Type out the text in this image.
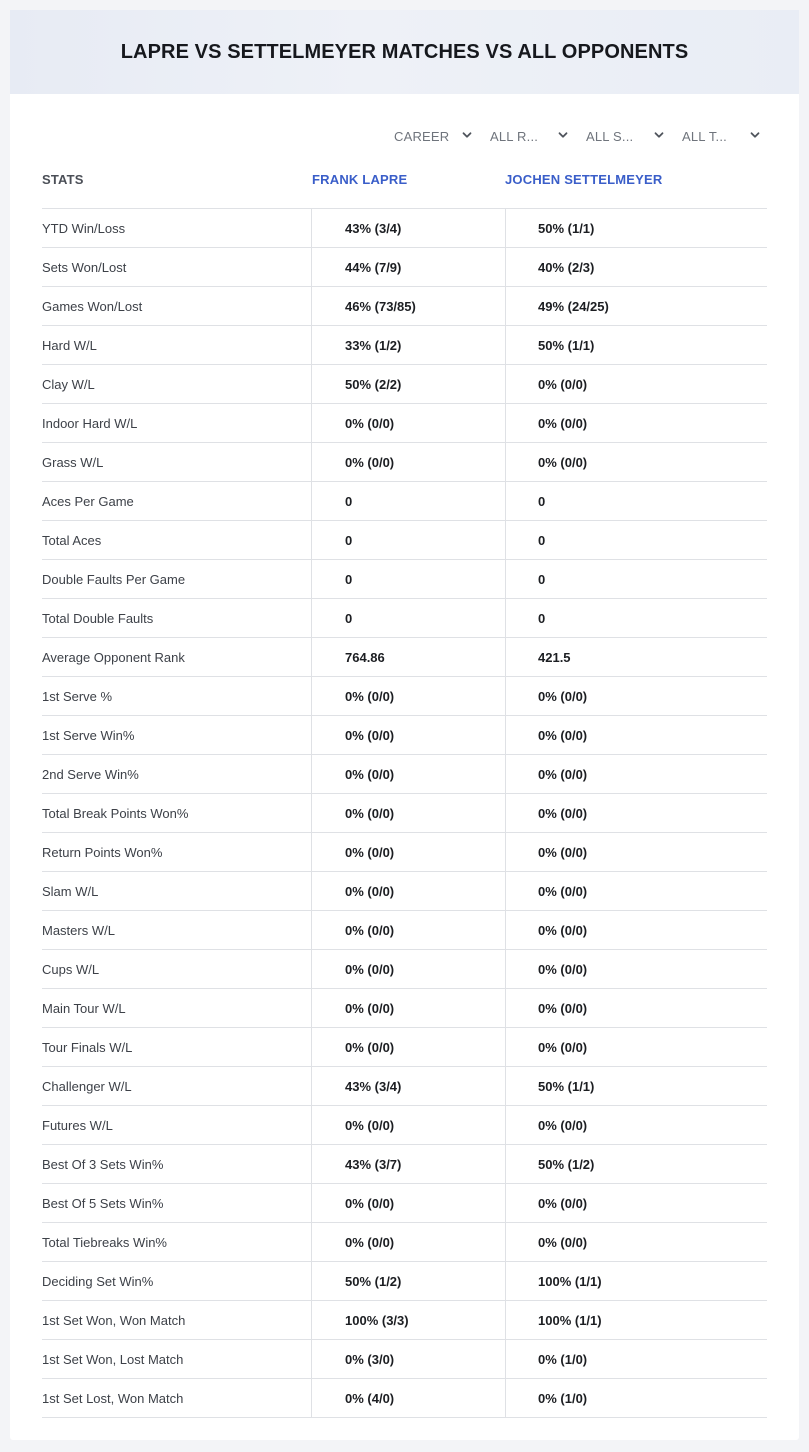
LAPRE VS SETTELMEYER MATCHES VS ALL OPPONENTS
CAREER	ALL R...	ALL S...	ALL T...
STATS	FRANK LAPRE	JOCHEN SETTELMEYER
YTD Win/Loss	43% (3/4)	50% (1/1)
Sets Won/Lost	44% (7/9)	40% (2/3)
Games Won/Lost	46% (73/85)	49% (24/25)
Hard W/L	33% (1/2)	50% (1/1)
Clay W/L	50% (2/2)	0% (0/0)
Indoor Hard W/L	0% (0/0)	0% (0/0)
Grass W/L	0% (0/0)	0% (0/0)
Aces Per Game	0	0
Total Aces	0	0
Double Faults Per Game	0	0
Total Double Faults	0	0
Average Opponent Rank	764.86	421.5
1st Serve %	0% (0/0)	0% (0/0)
1st Serve Win%	0% (0/0)	0% (0/0)
2nd Serve Win%	0% (0/0)	0% (0/0)
Total Break Points Won%	0% (0/0)	0% (0/0)
Return Points Won%	0% (0/0)	0% (0/0)
Slam W/L	0% (0/0)	0% (0/0)
Masters W/L	0% (0/0)	0% (0/0)
Cups W/L	0% (0/0)	0% (0/0)
Main Tour W/L	0% (0/0)	0% (0/0)
Tour Finals W/L	0% (0/0)	0% (0/0)
Challenger W/L	43% (3/4)	50% (1/1)
Futures W/L	0% (0/0)	0% (0/0)
Best Of 3 Sets Win%	43% (3/7)	50% (1/2)
Best Of 5 Sets Win%	0% (0/0)	0% (0/0)
Total Tiebreaks Win%	0% (0/0)	0% (0/0)
Deciding Set Win%	50% (1/2)	100% (1/1)
1st Set Won, Won Match	100% (3/3)	100% (1/1)
1st Set Won, Lost Match	0% (3/0)	0% (1/0)
1st Set Lost, Won Match	0% (4/0)	0% (1/0)
